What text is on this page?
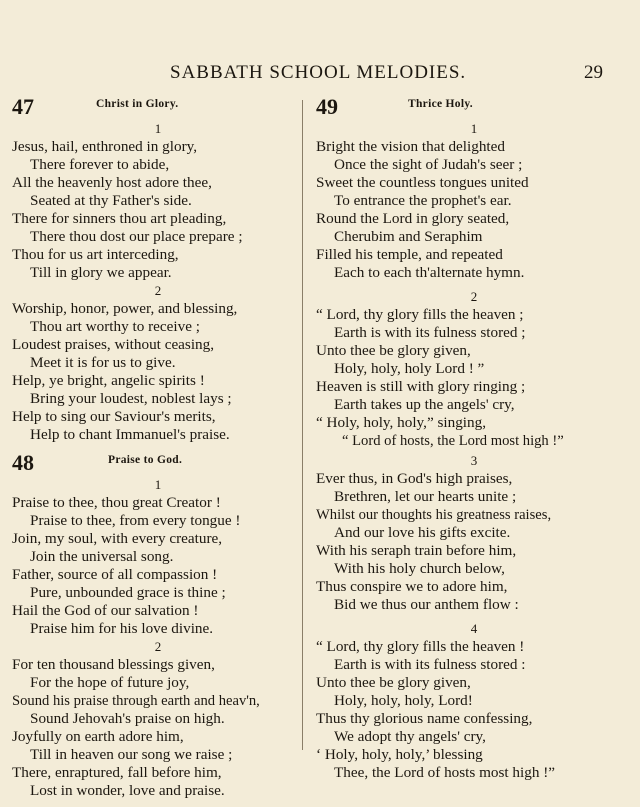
SABBATH SCHOOL MELODIES.	29
47	Christ in Glory.
1
Jesus, hail, enthroned in glory,
There forever to abide,
All the heavenly host adore thee,
Seated at thy Father's side.
There for sinners thou art pleading,
There thou dost our place prepare ;
Thou for us art interceding,
Till in glory we appear.
2
Worship, honor, power, and blessing,
Thou art worthy to receive ;
Loudest praises, without ceasing,
Meet it is for us to give.
Help, ye bright, angelic spirits !
Bring your loudest, noblest lays ;
Help to sing our Saviour's merits,
Help to chant Immanuel's praise.
48	Praise to God.
1
Praise to thee, thou great Creator !
Praise to thee, from every tongue !
Join, my soul, with every creature,
Join the universal song.
Father, source of all compassion !
Pure, unbounded grace is thine ;
Hail the God of our salvation !
Praise him for his love divine.
2
For ten thousand blessings given,
For the hope of future joy,
Sound his praise through earth and heav'n,
Sound Jehovah's praise on high.
Joyfully on earth adore him,
Till in heaven our song we raise ;
There, enraptured, fall before him,
Lost in wonder, love and praise.
49	Thrice Holy.
1
Bright the vision that delighted
Once the sight of Judah's seer ;
Sweet the countless tongues united
To entrance the prophet's ear.
Round the Lord in glory seated,
Cherubim and Seraphim
Filled his temple, and repeated
Each to each th'alternate hymn.
2
“ Lord, thy glory fills the heaven ;
Earth is with its fulness stored ;
Unto thee be glory given,
Holy, holy, holy Lord ! ”
Heaven is still with glory ringing ;
Earth takes up the angels' cry,
“ Holy, holy, holy,” singing,
“ Lord of hosts, the Lord most high !”
3
Ever thus, in God's high praises,
Brethren, let our hearts unite ;
Whilst our thoughts his greatness raises,
And our love his gifts excite.
With his seraph train before him,
With his holy church below,
Thus conspire we to adore him,
Bid we thus our anthem flow :
4
“ Lord, thy glory fills the heaven !
Earth is with its fulness stored :
Unto thee be glory given,
Holy, holy, holy, Lord!
Thus thy glorious name confessing,
We adopt thy angels' cry,
‘ Holy, holy, holy,’ blessing
Thee, the Lord of hosts most high !”
